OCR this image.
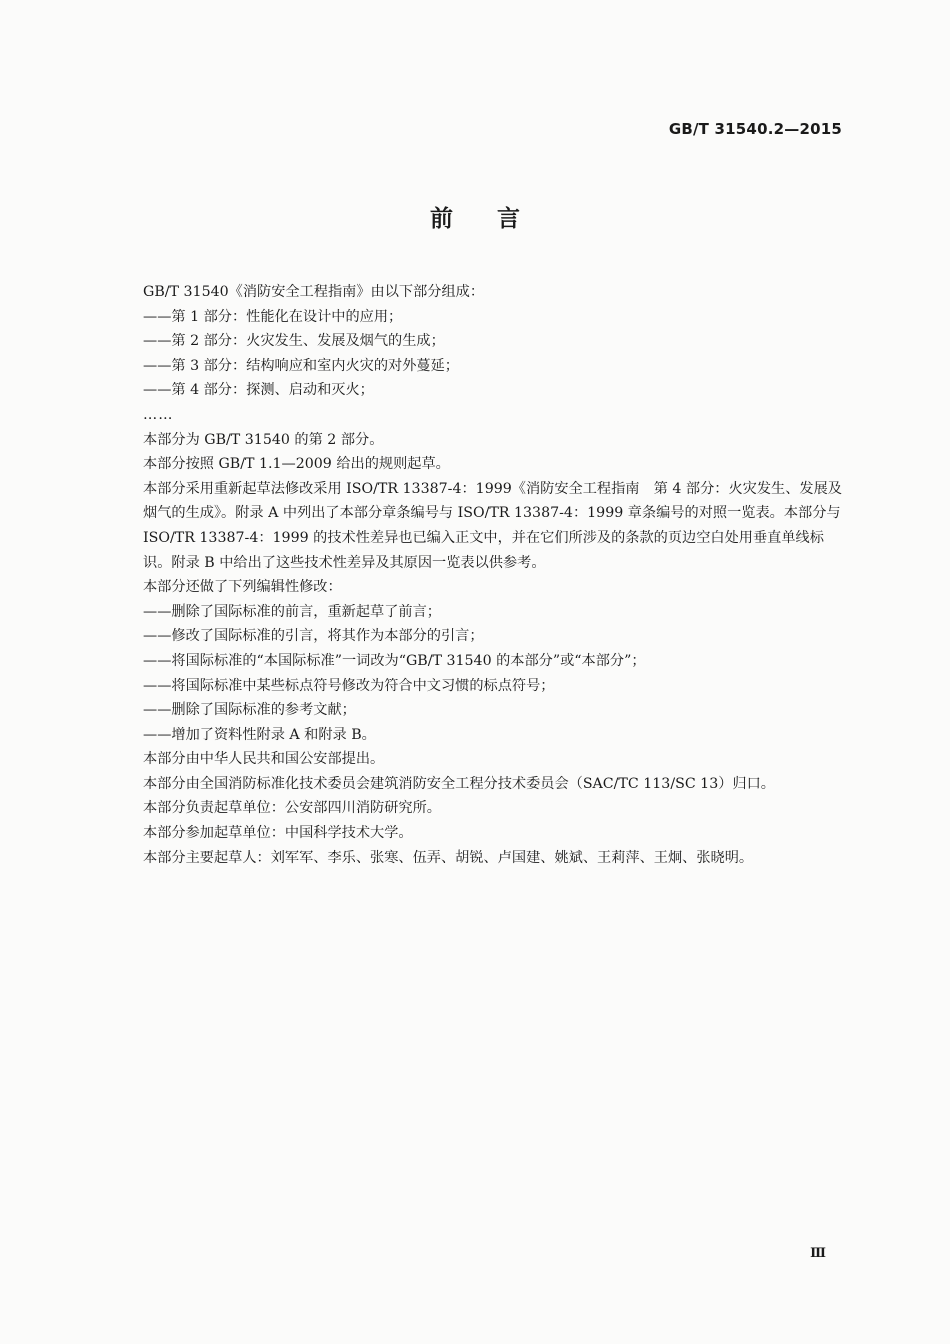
GB/T 31540.2—2015
前言

GB/T 31540《消防安全工程指南》由以下部分组成：

——第 1 部分：性能化在设计中的应用；

——第 2 部分：火灾发生、发展及烟气的生成；

——第 3 部分：结构响应和室内火灾的对外蔓延；

——第 4 部分：探测、启动和灭火；

……

本部分为 GB/T 31540 的第 2 部分。

本部分按照 GB/T 1.1—2009 给出的规则起草。

本部分采用重新起草法修改采用 ISO/TR 13387-4：1999《消防安全工程指南　第 4 部分：火灾发生、发展及烟气的生成》。附录 A 中列出了本部分章条编号与 ISO/TR 13387-4：1999 章条编号的对照一览表。本部分与 ISO/TR 13387-4：1999 的技术性差异也已编入正文中，并在它们所涉及的条款的页边空白处用垂直单线标识。附录 B 中给出了这些技术性差异及其原因一览表以供参考。

本部分还做了下列编辑性修改：

——删除了国际标准的前言，重新起草了前言；

——修改了国际标准的引言，将其作为本部分的引言；

——将国际标准的“本国际标准”一词改为“GB/T 31540 的本部分”或“本部分”；

——将国际标准中某些标点符号修改为符合中文习惯的标点符号；

——删除了国际标准的参考文献；

——增加了资料性附录 A 和附录 B。

本部分由中华人民共和国公安部提出。

本部分由全国消防标准化技术委员会建筑消防安全工程分技术委员会（SAC/TC 113/SC 13）归口。

本部分负责起草单位：公安部四川消防研究所。

本部分参加起草单位：中国科学技术大学。

本部分主要起草人：刘军军、李乐、张寒、伍弄、胡锐、卢国建、姚斌、王莉萍、王炯、张晓明。

Ⅲ
